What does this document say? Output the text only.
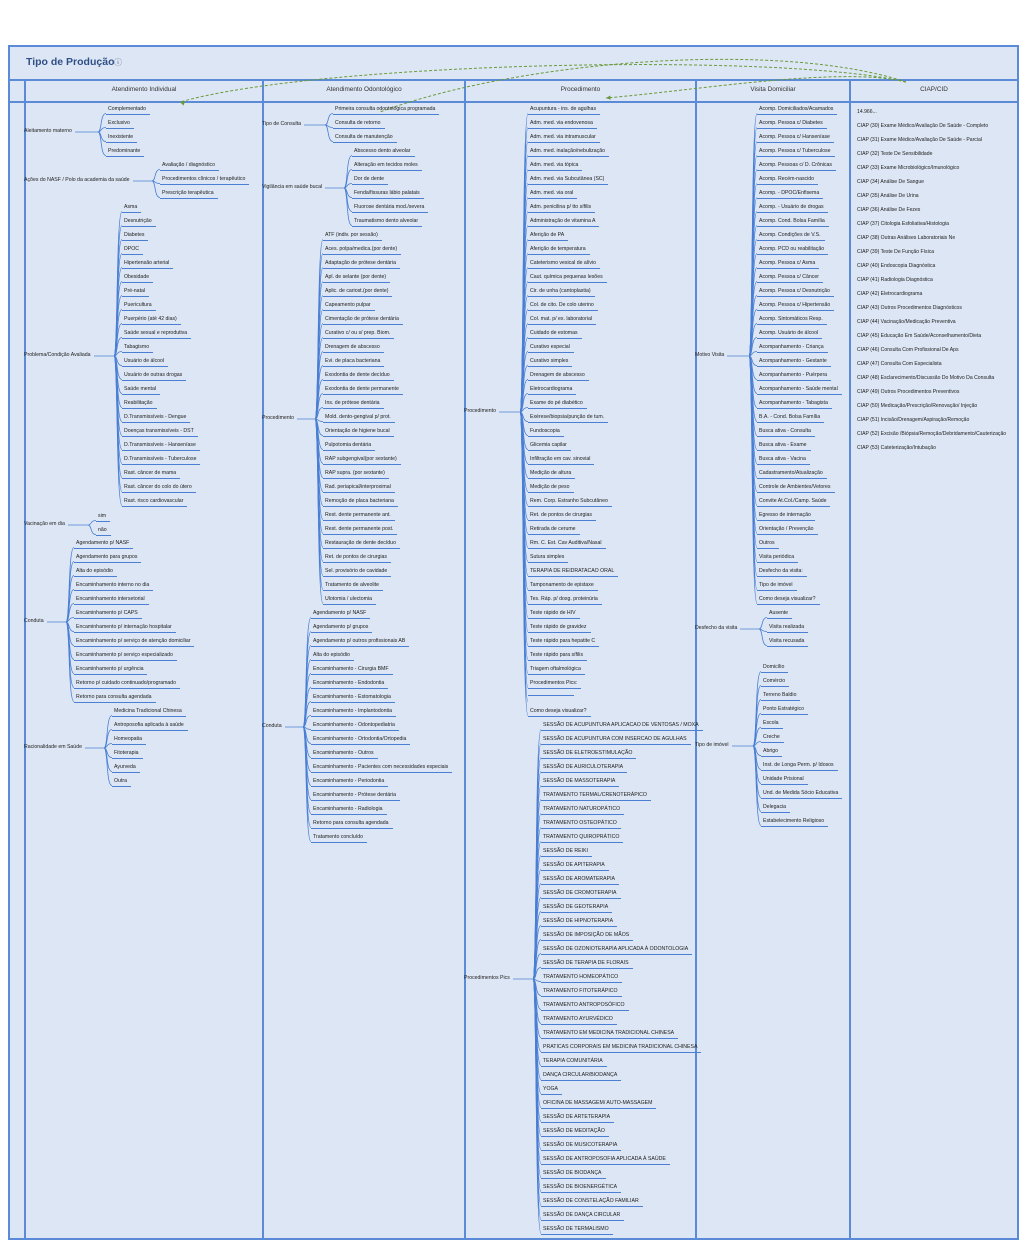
Tipo de Produção ⓘ
Atendimento Individual	Atendimento Odontológico	Procedimento	Visita Domiciliar	CIAP/CID
Aleitamento materno
Complementado
Exclusivo
Inexistente
Predominante
Ações do NASF / Polo da academia da saúde
Avaliação / diagnóstico
Procedimentos clínicos / terapêutico
Prescrição terapêutica
Problema/Condição Avaliada
Asma
Desnutrição
Diabetes
DPOC
Hipertensão arterial
Obesidade
Pré-natal
Puericultura
Puerpério (até 42 dias)
Saúde sexual e reprodutiva
Tabagismo
Usuário de álcool
Usuário de outras drogas
Saúde mental
Reabilitação
D.Transmissíveis - Dengue
Doenças transmissíveis - DST
D.Transmissíveis - Hanseníase
D.Transmissíveis - Tuberculose
Rast. câncer de mama
Rast. câncer do colo do útero
Rast. risco cardiovascular
Vacinação em dia
sim
não
Conduta
Agendamento p/ NASF
Agendamento para grupos
Alta do episódio
Encaminhamento interno no dia
Encaminhamento intersetorial
Encaminhamento p/ CAPS
Encaminhamento p/ internação hospitalar
Encaminhamento p/ serviço de atenção domiciliar
Encaminhamento p/ serviço especializado
Encaminhamento p/ urgência
Retorno p/ cuidado continuado/programado
Retorno para consulta agendada
Racionalidade em Saúde
Medicina Tradicional Chinesa
Antroposofia aplicada à saúde
Homeopatia
Fitoterapia
Ayurveda
Outra
Tipo de Consulta
Primeira consulta odontológica programada
Consulta de retorno
Consulta de manutenção
Vigilância em saúde bucal
Abscesso dento alveolar
Alteração em tecidos moles
Dor de dente
Fenda/fissuras lábio palatais
Fluorose dentária mod./severa
Traumatismo dento alveolar
Procedimento
ATF (indiv. por sessão)
Aces. polpa/medica.(por dente)
Adaptação de prótese dentária
Apl. de selante (por dente)
Aplic. de cariost.(por dente)
Capeamento pulpar
Cimentação de prótese dentária
Curativo c/ ou s/ prep. Biom.
Drenagem de abscesso
Evi. de placa bacteriana
Exodontia de dente decíduo
Exodontia de dente permanente
Ins. de prótese dentária
Mold. dento-gengival p/ prot.
Orientação de higiene bucal
Pulpotomia dentária
RAP subgengival(por sextante)
RAP supra. (por sextante)
Rad. periapical/interproximal
Remoção de placa bacteriana
Rest. dente permanente ant.
Rest. dente permanente post.
Restauração de dente decíduo
Ret. de pontos de cirurgias
Sel. provisório de cavidade
Tratamento de alveolite
Ulotomia / ulectomia
Conduta
Agendamento p/ NASF
Agendamento p/ grupos
Agendamento p/ outros profissionais AB
Alta do episódio
Encaminhamento - Cirurgia BMF
Encaminhamento - Endodontia
Encaminhamento - Estomatologia
Encaminhamento - Implantodontia
Encaminhamento - Odontopediatria
Encaminhamento - Ortodontia/Ortopedia
Encaminhamento - Outros
Encaminhamento - Pacientes com necessidades especiais
Encaminhamento - Periodontia
Encaminhamento - Prótese dentária
Encaminhamento - Radiologia
Retorno para consulta agendada
Tratamento concluído
Procedimento
Acupuntura - ins. de agulhas
Adm. med. via endovenosa
Adm. med. via intramuscular
Adm. med. inalação/nebulização
Adm. med. via tópica
Adm. med. via Subcutânea (SC)
Adm. med. via oral
Adm. penicilina p/ tto sífilis
Administração de vitamina A
Aferição de PA
Aferição de temperatura
Cateterismo vesical de alívio
Caut. química pequenas lesões
Cir. de unha (cantoplastia)
Col. de cito. De colo uterino
Col. mat. p/ ex. laboratorial
Cuidado de estomas
Curativo especial
Curativo simples
Drenagem de abscesso
Eletrocardiograma
Exame do pé diabético
Exérese/biopsia/punção de tum.
Fundoscopia
Glicemia capilar
Infiltração em cav. sinovial
Medição de altura
Medição de peso
Rem. Corp. Estranho Subcutâneo
Ret. de pontos de cirurgias
Retirada de cerume
Rm. C. Est. Cav Auditiva/Nasal
Sutura simples
TERAPIA DE REIDRATACAO ORAL
Tamponamento de epistaxe
Tes. Ráp. p/ dosg. proteinúria
Teste rápido de HIV
Teste rápido de gravidez
Teste rápido para hepatite C
Teste rápido para sífilis
Triagem oftalmológica
Procedimentos Pics:
Como deseja visualizar?
Procedimentos Pics
SESSÃO DE ACUPUNTURA APLICACAO DE VENTOSAS / MOXA
SESSÃO DE ACUPUNTURA COM INSERCAO DE AGULHAS
SESSÃO DE ELETROESTIMULAÇÃO
SESSÃO DE AURICULOTERAPIA
SESSÃO DE MASSOTERAPIA
TRATAMENTO TERMAL/CRENOTERÁPICO
TRATAMENTO NATUROPÁTICO
TRATAMENTO OSTEOPÁTICO
TRATAMENTO QUIROPRÁTICO
SESSÃO DE REIKI
SESSÃO DE APITERAPIA
SESSÃO DE AROMATERAPIA
SESSÃO DE CROMOTERAPIA
SESSÃO DE GEOTERAPIA
SESSÃO DE HIPNOTERAPIA
SESSÃO DE IMPOSIÇÃO DE MÃOS
SESSÃO DE OZONIOTERAPIA APLICADA À ODONTOLOGIA
SESSÃO DE TERAPIA DE FLORAIS
TRATAMENTO HOMEOPÁTICO
TRATAMENTO FITOTERÁPICO
TRATAMENTO ANTROPOSÓFICO
TRATAMENTO AYURVÉDICO
TRATAMENTO EM MEDICINA TRADICIONAL CHINESA
PRATICAS CORPORAIS EM MEDICINA TRADICIONAL CHINESA
TERAPIA COMUNITÁRIA
DANÇA CIRCULAR/BIODANÇA
YOGA
OFICINA DE MASSAGEM/ AUTO-MASSAGEM
SESSÃO DE ARTETERAPIA
SESSÃO DE MEDITAÇÃO
SESSÃO DE MUSICOTERAPIA
SESSÃO DE ANTROPOSOFIA APLICADA À SAÚDE
SESSÃO DE BIODANÇA
SESSÃO DE BIOENERGÉTICA
SESSÃO DE CONSTELAÇÃO FAMILIAR
SESSÃO DE DANÇA CIRCULAR
SESSÃO DE TERMALISMO
Motivo Visita
Acomp. Domiciliados/Acamados
Acomp. Pessoa c/ Diabetes
Acomp. Pessoa c/ Hanseníase
Acomp. Pessoa c/ Tuberculose
Acomp. Pessoas c/ D. Crônicas
Acomp. Recém-nascido
Acomp. - DPOC/Enfisema
Acomp. - Usuário de drogas
Acomp. Cond. Bolsa Família
Acomp. Condições de V.S.
Acomp. PCD ou reabilitação
Acomp. Pessoa c/ Asma
Acomp. Pessoa c/ Câncer
Acomp. Pessoa c/ Desnutrição
Acomp. Pessoa c/ Hipertensão
Acomp. Sintomáticos Resp.
Acomp. Usuário de álcool
Acompanhamento - Criança
Acompanhamento - Gestante
Acompanhamento - Puérpera
Acompanhamento - Saúde mental
Acompanhamento - Tabagista
B.A. - Cond. Bolsa Família
Busca ativa - Consulta
Busca ativa - Exame
Busca ativa - Vacina
Cadastramento/Atualização
Controle de Ambientes/Vetores
Convite At.Col./Camp. Saúde
Egresso de internação
Orientação / Prevenção
Outros
Visita periódica
Desfecho da visita:
Tipo de imóvel
Como deseja visualizar?
Desfecho da visita
Ausente
Visita realizada
Visita recusada
Tipo de imóvel
Domicílio
Comércio
Terreno Baldio
Ponto Estratégico
Escola
Creche
Abrigo
Inst. de Longa Perm. p/ Idosos
Unidade Prisional
Und. de Medida Sócio Educativa
Delegacia
Estabelecimento Religioso
14.966...
CIAP (30) Exame Médico/Avaliação De Saúde - Completo
CIAP (31) Exame Médico/Avaliação De Saúde - Parcial
CIAP (32) Teste De Sensibilidade
CIAP (33) Exame Microbiológico/Imunológico
CIAP (34) Análise De Sangue
CIAP (35) Análise De Urina
CIAP (36) Análise De Fezes
CIAP (37) Citologia Esfoliativa/Histologia
CIAP (38) Outras Análises Laboratoriais Ne
CIAP (39) Teste De Função Física
CIAP (40) Endoscopia Diagnóstica
CIAP (41) Radiologia Diagnóstica
CIAP (42) Eletrocardiograma
CIAP (43) Outros Procedimentos Diagnósticos
CIAP (44) Vacinação/Medicação Preventiva
CIAP (45) Educação Em Saúde/Aconselhamento/Dieta
CIAP (46) Consulta Com Profissional De Aps
CIAP (47) Consulta Com Especialista
CIAP (48) Esclarecimento/Discussão Do Motivo Da Consulta
CIAP (49) Outros Procedimentos Preventivos
CIAP (50) Medicação/Prescrição/Renovação/ Injeção
CIAP (51) Incisão/Drenagem/Aspiração/Remoção
CIAP (52) Excisão /Biópsia/Remoção/Debridamento/Cauterização
CIAP (53) Cateterização/Intubação
